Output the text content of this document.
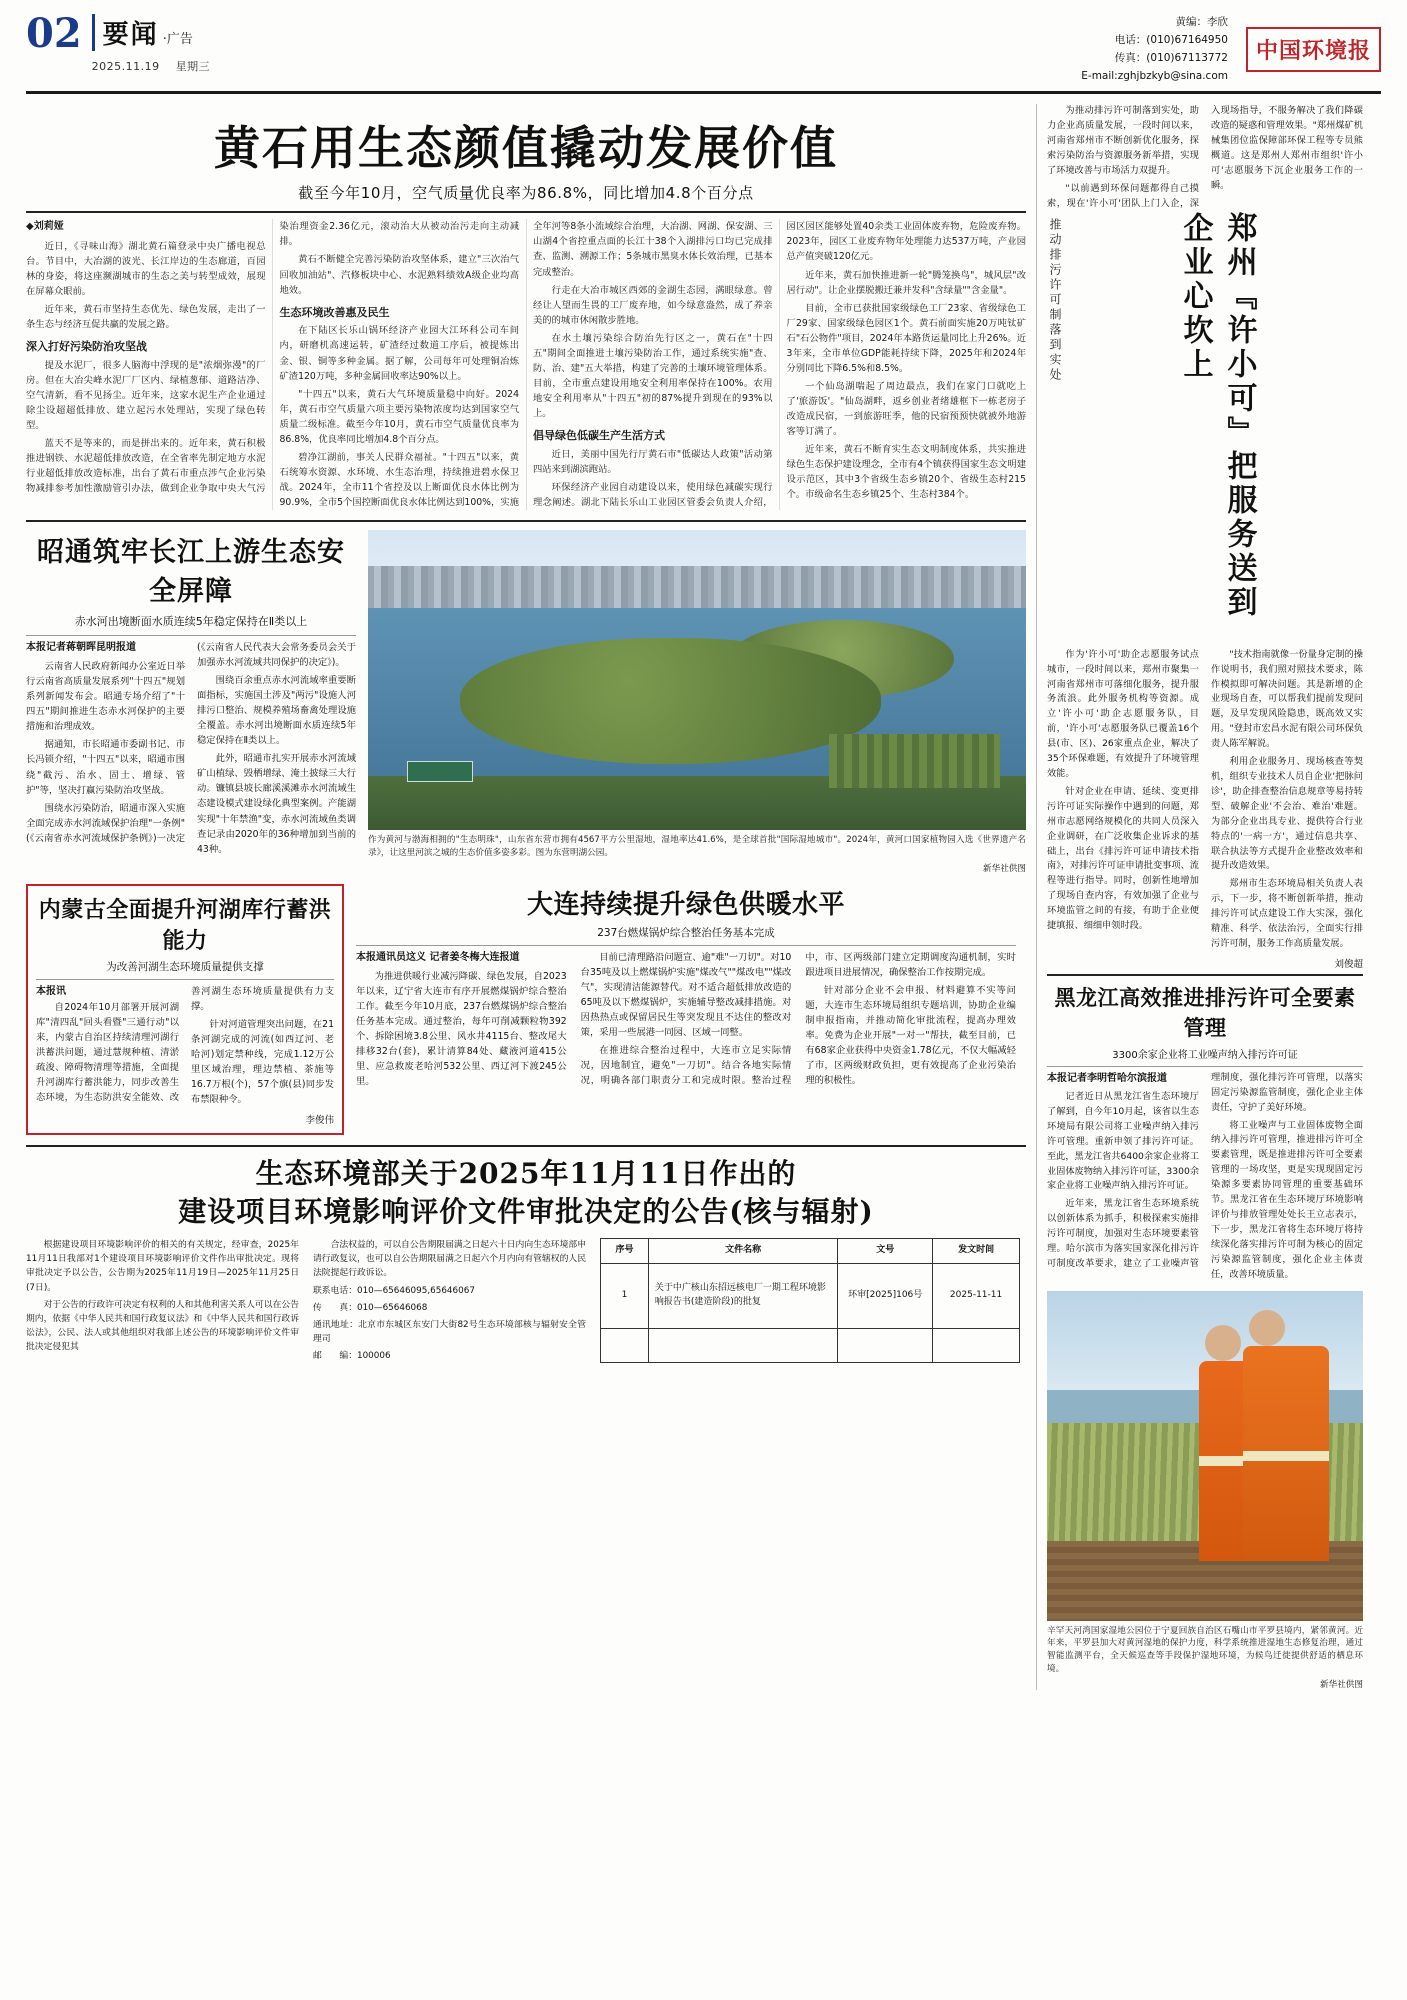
02 要闻 ·广告
2025.11.19 星期三
黄编：李欣
电话：(010)67164950
传真：(010)67113772
E-mail:zghjbzkyb@sina.com
中国环境报
黄石用生态颜值撬动发展价值
截至今年10月，空气质量优良率为86.8%，同比增加4.8个百分点
◆刘莉娅

近日，《寻味山海》湖北黄石篇登录中央广播电视总台。节目中，大冶湖的波光、长江岸边的生态廊道，百园林的身姿，将这座濒湖城市的生态之美与转型成效，展现在屏幕众眼前。

近年来，黄石市坚持生态优先、绿色发展，走出了一条生态与经济互促共赢的发展之路。

深入打好污染防治攻坚战

提及水泥厂，很多人脑海中浮现的是"浓烟弥漫"的厂房。但在大冶尖峰水泥厂厂区内、绿植葱郁、道路洁净、空气清新，看不见扬尘。近年来，这家水泥生产企业通过除尘设超超低排放、建立起污水处理站，实现了绿色转型。

蓝天不是等来的，而是拼出来的。近年来，黄石积极推进钢铁、水泥超低排放改造，在全省率先制定地方水泥行业超低排放改造标准，出台了黄石市重点涉气企业污染物减排参考加性激励管引办法，做到企业争取中央大气污染治理资金2.36亿元，滚动治大从被动治污走向主动减排。

黄石不断健全完善污染防治攻坚体系，建立"三次治气回收加油站"、汽修板块中心、水泥熟料绩效A级企业均高地效。

生态环境改善惠及民生

在下陆区长乐山锅环经济产业园大江环科公司车间内，研磨机高速运转，矿渣经过数道工序后，被提炼出金、银、铜等多种金属。据了解，公司每年可处理铜冶炼矿渣120万吨，多种金属回收率达90%以上。

"十四五"以来，黄石大气环境质量稳中向好。2024年，黄石市空气质量六项主要污染物浓度均达到国家空气质量二级标准。截至今年10月，黄石市空气质量优良率为86.8%，优良率同比增加4.8个百分点。

碧净江湖前，事关人民群众福祉。"十四五"以来，黄石统筹水资源、水环境、水生态治理，持续推进碧水保卫战。2024年，全市11个省控及以上断面优良水体比例为90.9%，全市5个国控断面优良水体比例达到100%，实施全年河等8条小流域综合治理，大冶湖、网湖、保安湖、三山湖4个省控重点面的长江十38个入湖排污口均已完成排查、监测、溯源工作；5条城市黑臭水体长效治理，已基本完成整治。

行走在大冶市城区西郊的金湖生态园，满眼绿意。曾经让人望而生畏的工厂废弃地，如今绿意盎然，成了养亲美的的城市休闲散步胜地。

在水土壤污染综合防治先行区之一，黄石在"十四五"期间全面推进土壤污染防治工作，通过系统实施"查、防、治、建"五大举措，构建了完善的土壤环境管理体系。目前，全市重点建设用地安全利用率保持在100%。农用地安全利用率从"十四五"初的87%提升到现在的93%以上。

倡导绿色低碳生产生活方式

近日，美丽中国先行厅黄石市"低碳达人政策"活动第四站来到湖滨跑站。

环保经济产业园自动建设以来，使用绿色减碳实现行理念阐述。湖北下陆长乐山工业园区管委会负责人介绍，园区园区能够处置40余类工业固体废弃物，危险废弃物。2023年，园区工业废弃物年处理能力达537万吨，产业园总产值突破120亿元。

近年来，黄石加快推进新一轮"腾笼换鸟"，城风层"改居行动"。让企业摆脱搬迁兼并发科"含绿量""含金量"。

目前，全市已获批国家级绿色工厂23家、省级绿色工厂29家、国家级绿色园区1个。黄石前面实施20万吨钛矿石"石公物件"项目，2024年本路货运量同比上升26%。近3年来，全市单位GDP能耗持续下降，2025年和2024年分别同比下降6.5%和8.5%。

一个仙岛湖喘起了周边最点，我们在家门口就吃上了'旅游饭'。"仙岛湖畔，返乡创业者绪雄框下一栋老房子改造成民宿，一到旅游旺季，他的民宿预预快就被外地游客等订满了。

近年来，黄石不断育实生态文明制度体系，共实推进绿色生态保护建设理念，全市有4个镇获得国家生态文明建设示范区，其中3个省级生态乡镇20个、省级生态村215个。市级命名生态乡镇25个、生态村384个。

昭通筑牢长江上游生态安全屏障
赤水河出境断面水质连续5年稳定保持在Ⅱ类以上
本报记者蒋朝晖昆明报道

云南省人民政府新闻办公室近日举行云南省高质量发展系列"十四五"规划系列新闻发布会。昭通专场介绍了"十四五"期间推进生态赤水河保护的主要措施和治理成效。

据通知，市长昭通市委副书记、市长冯锁介绍，"十四五"以来，昭通市围绕"截污、治水、固土、增绿、管护"等，坚决打赢污染防治攻坚战。

围绕水污染防治，昭通市深入实施全面完成赤水河流域保护治理"一条例"(《云南省赤水河流域保护条例》)一决定(《云南省人民代表大会常务委员会关于加强赤水河流域共同保护的决定》)。

围绕百余重点赤水河流域率重要断面指标，实施国土涉及"两污"设施人河排污口整治、规模养殖场畜禽处理设施全覆盖。赤水河出境断面水质连续5年稳定保持在Ⅱ类以上。

此外，昭通市扎实开展赤水河流域矿山植绿、毁栖增绿、淹土披绿三大行动。镰镇县坡长廊溪溪滩赤水河流域生态建设模式建设绿化典型案例。产能湖实现"十年禁渔"变，赤水河流域鱼类调查记录由2020年的36种增加到当前的43种。

作为黄河与渤海相拥的"生态明珠"，山东省东营市拥有4567平方公里湿地，湿地率达41.6%，是全球首批"国际湿地城市"。2024年，黄河口国家植物园入选《世界遗产名录》，让这里河滨之城的生态价值多姿多彩。图为东营明湖公园。
新华社供图
内蒙古全面提升河湖库行蓄洪能力
为改善河湖生态环境质量提供支撑
本报讯

自2024年10月部署开展河湖库"清四乱"回头看暨"三通行动"以来，内蒙古自治区持续清理河湖行洪蓄洪问题，通过慧规种植、清淤疏浚、障碍物清理等措施，全面提升河湖库行蓄洪能力，同步改善生态环境，为生态防洪安全能效、改善河湖生态环境质量提供有力支撑。

针对河道管理突出问题，在21条河湖完成的河流(如西辽河、老哈河)划定禁种线，完成1.12万公里区域治理，理边禁植、茶施等16.7万根(个)，57个旗(县)同步发布禁限种令。

李俊伟
大连持续提升绿色供暖水平
237台燃煤锅炉综合整治任务基本完成
本报通讯员这义 记者姜冬梅大连报道

为推进供暖行业减污降碳、绿色发展，自2023年以来，辽宁省大连市有序开展燃煤锅炉综合整治工作。截至今年10月底，237台燃煤锅炉综合整治任务基本完成。通过整治，每年可削减颗粒物392个、拆除困境3.8公里、风水井4115台、整改尾大排移32台(套)，累计清算84处、藏液河道415公里、应急救废老哈河532公里、西辽河下渡245公里。

目前已清理路沿问题宣、逾"难"一刀切"。对10台35吨及以上燃煤锅炉实施"煤改气""煤改电""煤改气"，实现清洁能源替代。对不适合超低排放改造的65吨及以下燃煤锅炉，实施辅导整改减排措施。对因热热点或保留居民生等突发现且不达住的整改对策，采用一些展港一同园、区域一同整。

在推进综合整治过程中，大连市立足实际情况，因地制宜，避免"一刀切"。结合各地实际情况，明确各部门职责分工和完成时限。整治过程中，市、区两级部门建立定期调度沟通机制，实时跟进项目进展情况，确保整治工作按期完成。

针对部分企业不会申报、材料避算不实等问题，大连市生态环境局组织专题培训，协助企业编制申报指南，并推动简化审批流程，提高办理效率。免费为企业开展"一对一"帮扶，截至目前，已有68家企业获得中央资金1.78亿元，不仅大幅减轻了市，区两级财政负担，更有效提高了企业污染治理的积极性。

生态环境部关于2025年11月11日作出的
建设项目环境影响评价文件审批决定的公告(核与辐射)

根据建设项目环境影响评价的相关的有关规定，经审查，2025年11月11日我部对1个建设项目环境影响评价文件作出审批决定。现将审批决定予以公告，公告期为2025年11月19日—2025年11月25日(7日)。

对于公告的行政许可决定有权利的人和其他利害关系人可以在公告期内，依据《中华人民共和国行政复议法》和《中华人民共和国行政诉讼法》，公民、法人或其他组织对我部上述公告的环境影响评价文件审批决定侵犯其

合法权益的，可以自公告期限届满之日起六十日内向生态环境部申请行政复议，也可以自公告期限届满之日起六个月内向有管辖权的人民法院提起行政诉讼。

联系电话：010—65646095,65646067

传　　真：010—65646068

通讯地址：北京市东城区东安门大街82号生态环境部核与辐射安全管理司

邮　　编：100006

序号	文件名称	文号	发文时间
1	关于中广核山东招远核电厂一期工程环境影响报告书(建造阶段)的批复	环审[2025]106号	2025-11-11

为推动排污许可制落到实处，助力企业高质量发展，一段时间以来，河南省郑州市不断创新优化服务，探索污染防治与资源服务新举措，实现了环境改善与市场活力双提升。

"以前遇到环保问题都得自己摸索，现在'许小可'团队上门入企，深入现场指导，不服务解决了我们降碳改造的疑惑和管理效果。"郑州煤矿机械集团位监保障部环保工程等专员熊概道。这是郑州人郑州市组织'许小可'志愿服务下沉企业服务工作的一瞬。

推动排污许可制落到实处	郑州『许小可』把服务送到企业心坎上

作为'许小可'助企志愿服务试点城市，一段时间以来，郑州市聚集一河南省郑州市可落细化服务，提升服务流浪。此外服务机构等资源。成立'许小可'助企志愿服务队，目前，'许小可'志愿服务队已覆盖16个县(市、区)、26家重点企业，解决了35个环保难题，有效提升了环境管理效能。

针对企业在申请、延续、变更排污许可证实际操作中遇到的问题，郑州市志愿网络规模化的共同人员深入企业调研，在广泛收集企业诉求的基础上，出台《排污许可证申请技术指南》，对排污许可证申请批变事项、流程等进行指导。同时，创新性地增加了现场自查内容，有效加强了企业与环境监管之间的有接，有助于企业便捷填报、细细申领时段。

"技术指南就像一份量身定制的操作说明书，我们照对照技术要求，陈作模拟即可解决问题。其是新增的企业现场自查，可以帮我们提前发现问题，及早发现风险隐患，既高效又实用。"登封市宏昌水泥有限公司环保负责人陈军解说。

利用企业服务月、现场核查等契机，组织专业技术人员自企业'把脉问诊'，助企排查整治信息规章等易持转型、破解企业'不会治、难治'难题。为部分企业出具专业、提供符合行业特点的'一病一方'，通过信息共享、联合执法等方式提升企业整改效率和提升改造效果。

郑州市生态环境局相关负责人表示，下一步，将不断创新举措，推动排污许可试点建设工作大实深，强化精准、科学、依法治污，全面实行排污许可制，服务工作高质量发展。

刘俊超
黑龙江高效推进排污许可全要素管理
3300余家企业将工业噪声纳入排污许可证
本报记者李明哲哈尔滨报道

记者近日从黑龙江省生态环境厅了解到，自今年10月起，该省以生态环境局有限公司将工业噪声纳入排污许可管理。重新申领了排污许可证。至此，黑龙江省共6400余家企业将工业固体废物纳入排污许可证，3300余家企业将工业噪声纳入排污许可证。

近年来，黑龙江省生态环境系统以创新体系为抓手，积极探索实施排污许可制度，加强对生态环境要素管理。哈尔滨市为落实国家深化排污许可制度改革要求，建立了工业噪声管理制度，强化排污许可管理，以落实固定污染源监管制度，强化企业主体责任，守护了美好环境。

将工业噪声与工业固体废物全面纳入排污许可管理，推进排污许可全要素管理，既是推进排污许可全要素管理的一场攻坚，更是实现现固定污染源多要素协同管理的重要基础环节。黑龙江省在生态环境厅环境影响评价与排放管理处处长王立志表示，下一步，黑龙江省将生态环境厅将持续深化落实排污许可制为核心的固定污染源监管制度，强化企业主体责任，改善环境质量。

辛罕天河湾国家湿地公园位于宁夏回族自治区石嘴山市平罗县境内，紧邻黄河。近年来，平罗县加大对黄河湿地的保护力度，科学系统推进湿地生态修复治理，通过智能监测平台，全天候巡查等手段保护湿地环境，为候鸟迁徙提供舒适的栖息环境。
新华社供图
